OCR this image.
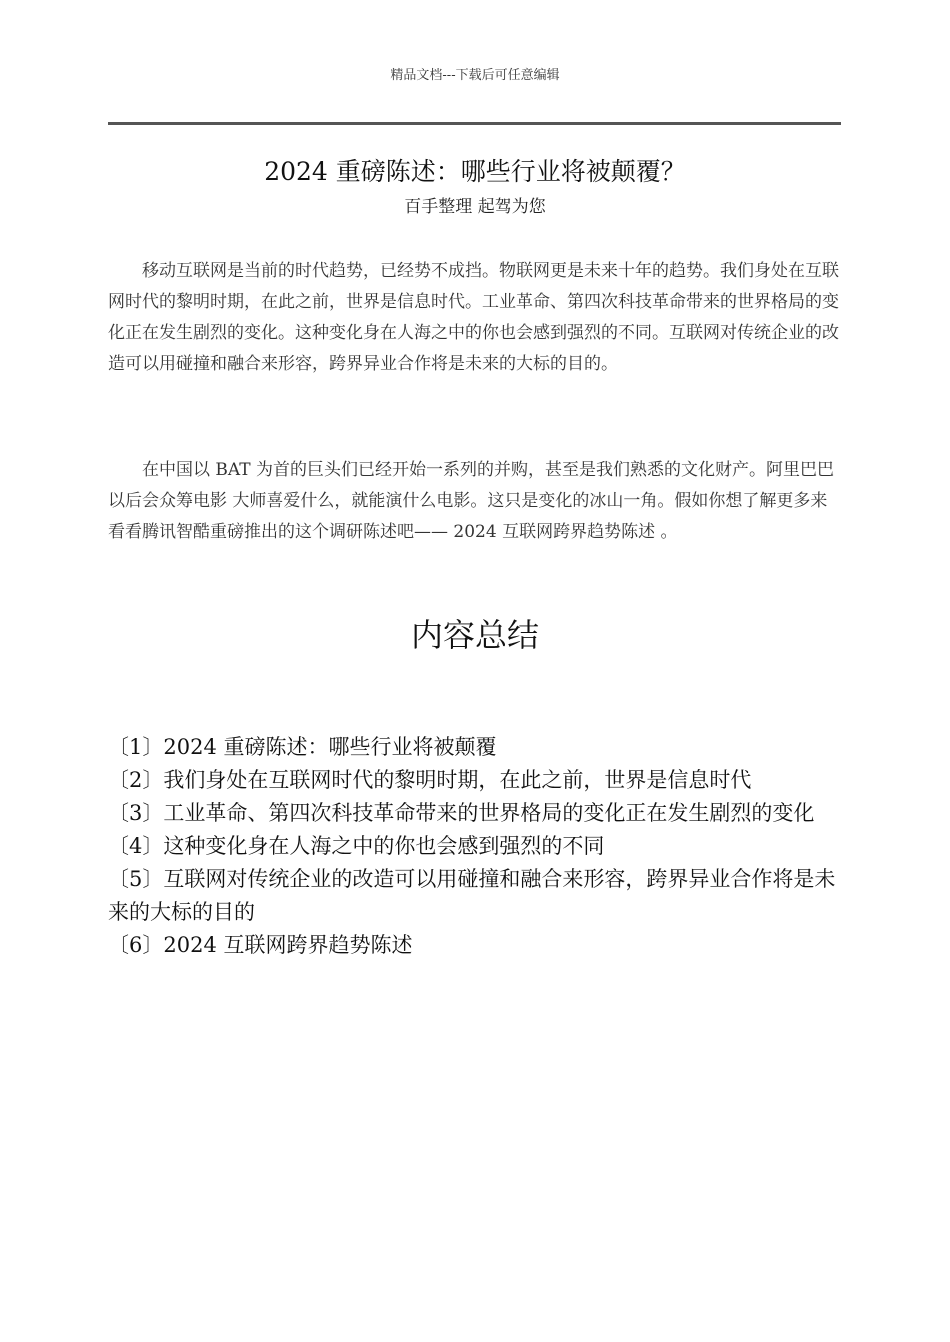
精品文档---下载后可任意编辑
2024 重磅陈述：哪些行业将被颠覆？
百手整理 起驾为您

移动互联网是当前的时代趋势，已经势不成挡。物联网更是未来十年的趋势。我们身处在互联网时代的黎明时期，在此之前，世界是信息时代。工业革命、第四次科技革命带来的世界格局的变化正在发生剧烈的变化。这种变化身在人海之中的你也会感到强烈的不同。互联网对传统企业的改造可以用碰撞和融合来形容，跨界异业合作将是未来的大标的目的。

在中国以 BAT 为首的巨头们已经开始一系列的并购，甚至是我们熟悉的文化财产。阿里巴巴以后会众筹电影 大师喜爱什么，就能演什么电影。这只是变化的冰山一角。假如你想了解更多来看看腾讯智酷重磅推出的这个调研陈述吧—— 2024 互联网跨界趋势陈述 。

内容总结
〔1〕2024 重磅陈述：哪些行业将被颠覆
〔2〕我们身处在互联网时代的黎明时期，在此之前，世界是信息时代
〔3〕工业革命、第四次科技革命带来的世界格局的变化正在发生剧烈的变化
〔4〕这种变化身在人海之中的你也会感到强烈的不同
〔5〕互联网对传统企业的改造可以用碰撞和融合来形容，跨界异业合作将是未来的大标的目的
〔6〕2024 互联网跨界趋势陈述
